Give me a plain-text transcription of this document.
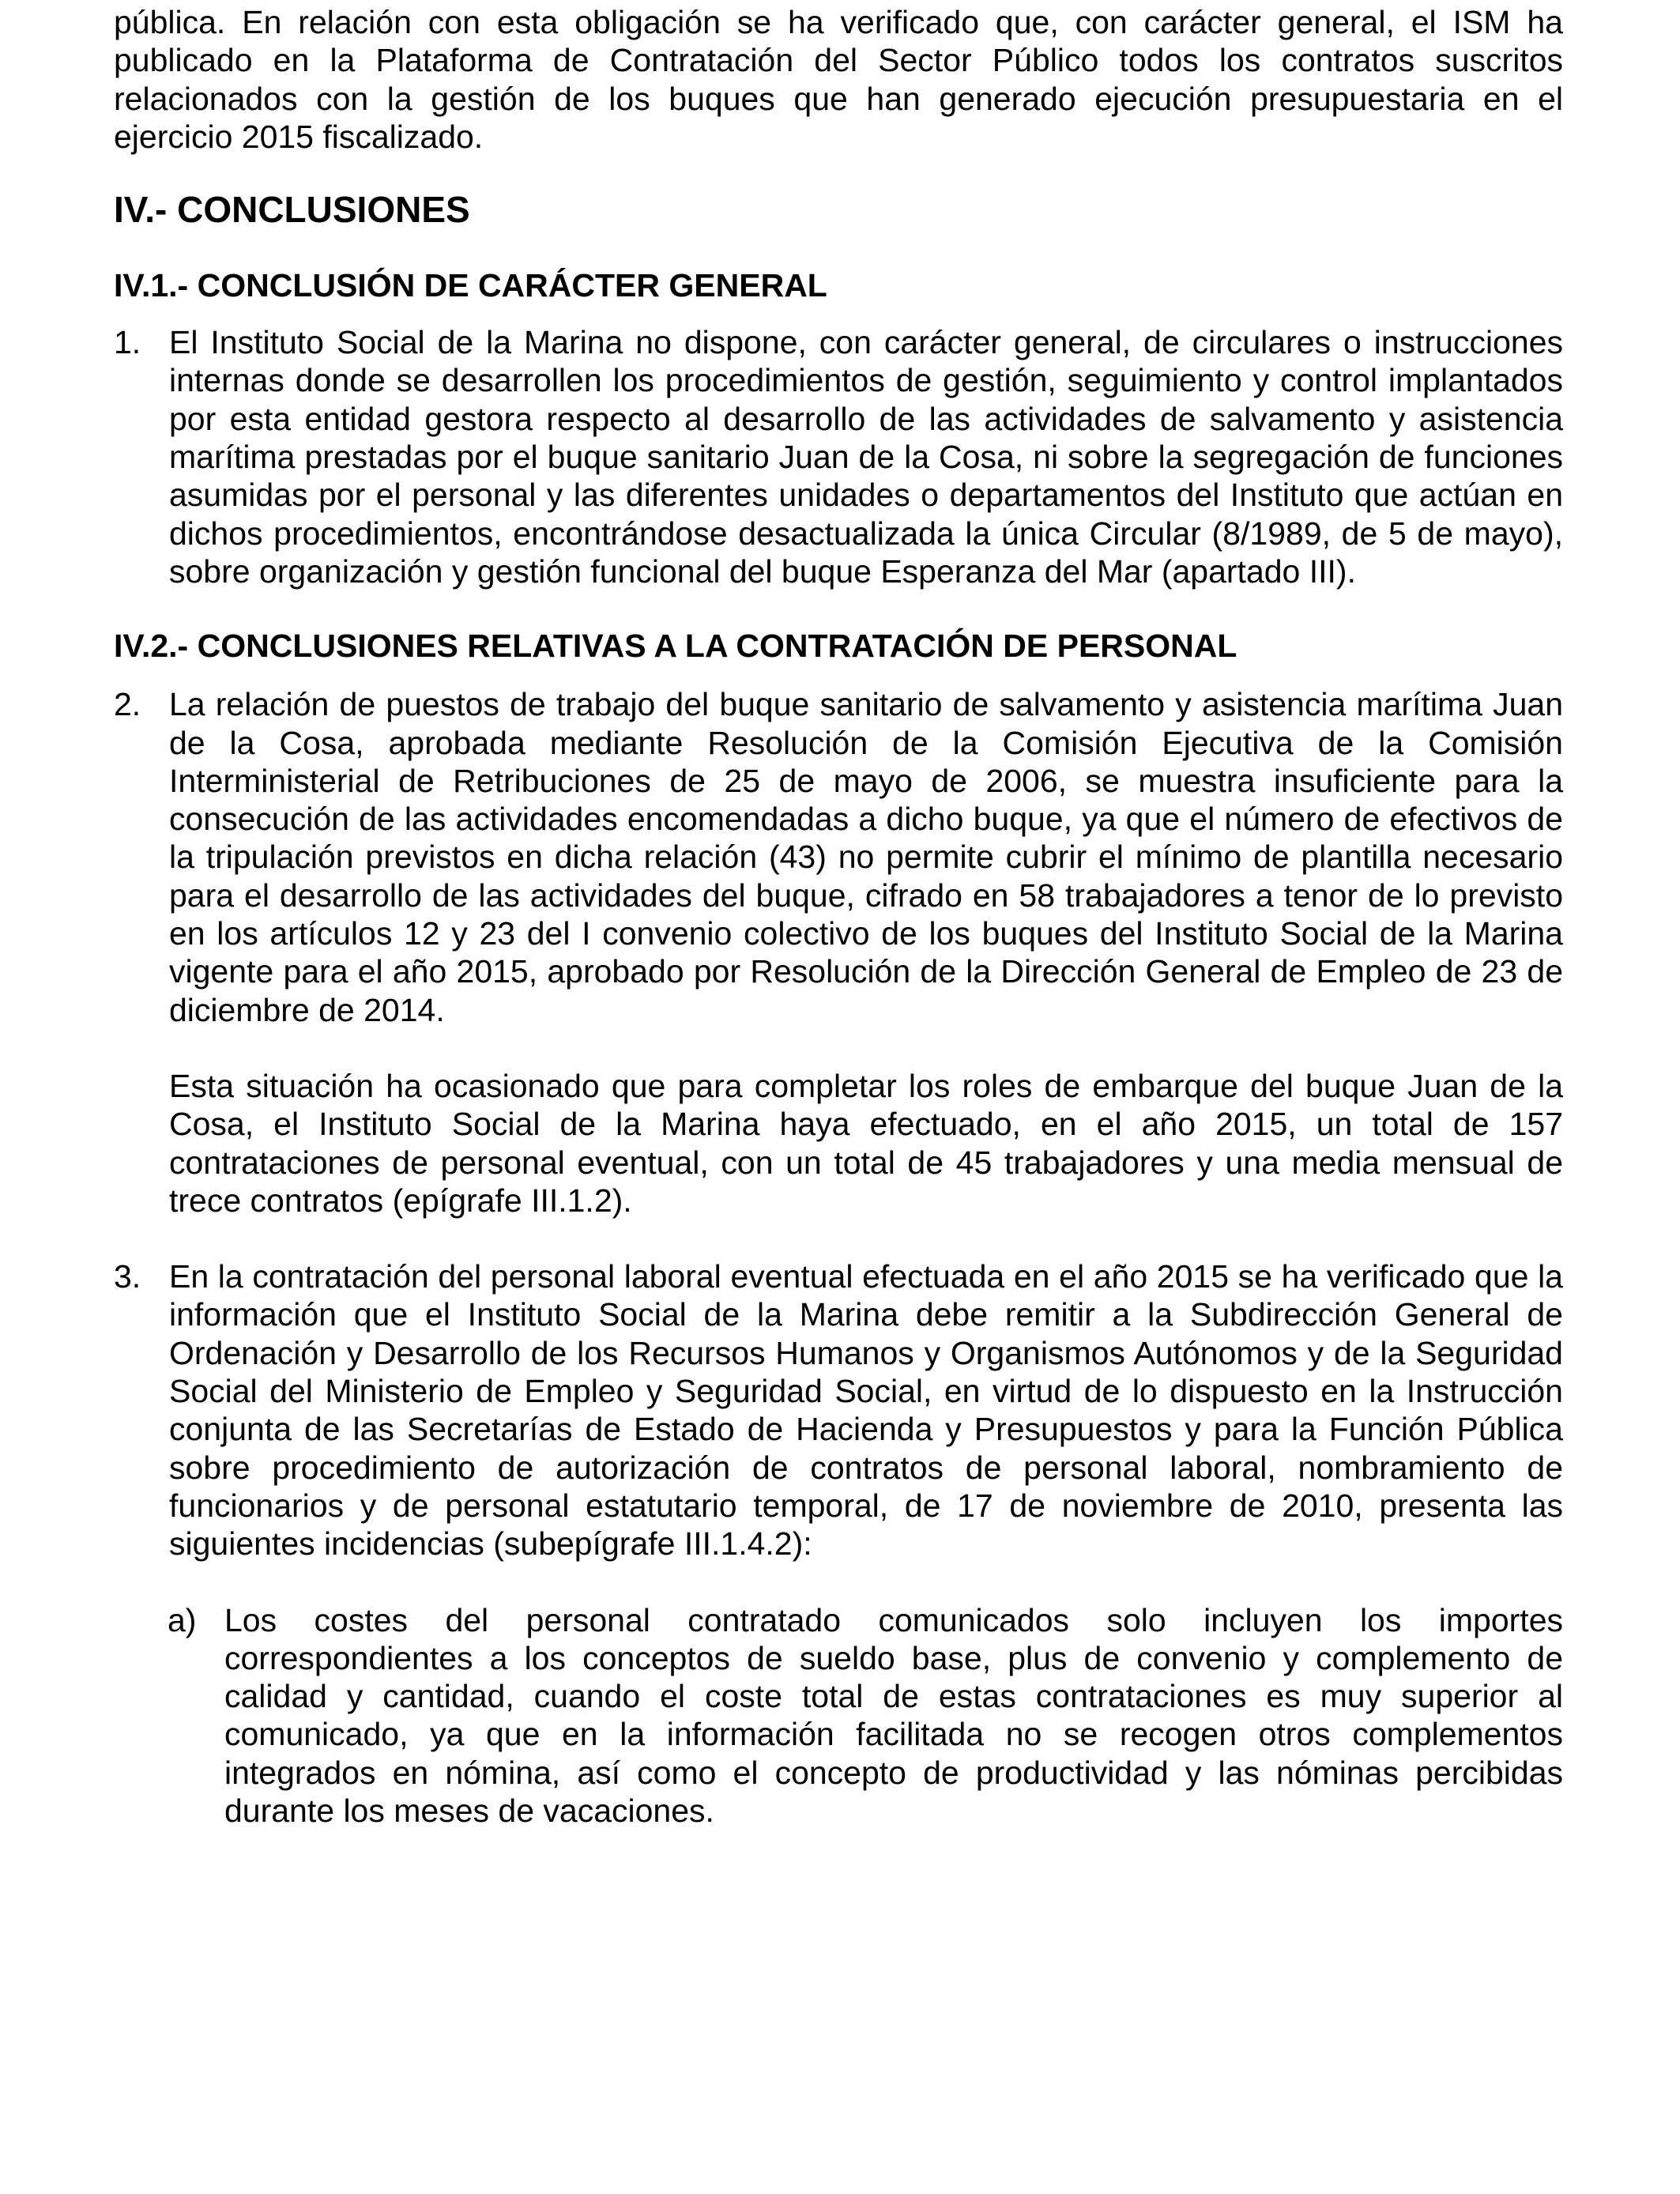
pública. En relación con esta obligación se ha verificado que, con carácter general, el ISM ha publicado en la Plataforma de Contratación del Sector Público todos los contratos suscritos relacionados con la gestión de los buques que han generado ejecución presupuestaria en el ejercicio 2015 fiscalizado.

IV.- CONCLUSIONES
IV.1.- CONCLUSIÓN DE CARÁCTER GENERAL
1. El Instituto Social de la Marina no dispone, con carácter general, de circulares o instrucciones internas donde se desarrollen los procedimientos de gestión, seguimiento y control implantados por esta entidad gestora respecto al desarrollo de las actividades de salvamento y asistencia marítima prestadas por el buque sanitario Juan de la Cosa, ni sobre la segregación de funciones asumidas por el personal y las diferentes unidades o departamentos del Instituto que actúan en dichos procedimientos, encontrándose desactualizada la única Circular (8/1989, de 5 de mayo), sobre organización y gestión funcional del buque Esperanza del Mar (apartado III).
IV.2.- CONCLUSIONES RELATIVAS A LA CONTRATACIÓN DE PERSONAL
2. La relación de puestos de trabajo del buque sanitario de salvamento y asistencia marítima Juan de la Cosa, aprobada mediante Resolución de la Comisión Ejecutiva de la Comisión Interministerial de Retribuciones de 25 de mayo de 2006, se muestra insuficiente para la consecución de las actividades encomendadas a dicho buque, ya que el número de efectivos de la tripulación previstos en dicha relación (43) no permite cubrir el mínimo de plantilla necesario para el desarrollo de las actividades del buque, cifrado en 58 trabajadores a tenor de lo previsto en los artículos 12 y 23 del I convenio colectivo de los buques del Instituto Social de la Marina vigente para el año 2015, aprobado por Resolución de la Dirección General de Empleo de 23 de diciembre de 2014.

Esta situación ha ocasionado que para completar los roles de embarque del buque Juan de la Cosa, el Instituto Social de la Marina haya efectuado, en el año 2015, un total de 157 contrataciones de personal eventual, con un total de 45 trabajadores y una media mensual de trece contratos (epígrafe III.1.2).

3. En la contratación del personal laboral eventual efectuada en el año 2015 se ha verificado que la información que el Instituto Social de la Marina debe remitir a la Subdirección General de Ordenación y Desarrollo de los Recursos Humanos y Organismos Autónomos y de la Seguridad Social del Ministerio de Empleo y Seguridad Social, en virtud de lo dispuesto en la Instrucción conjunta de las Secretarías de Estado de Hacienda y Presupuestos y para la Función Pública sobre procedimiento de autorización de contratos de personal laboral, nombramiento de funcionarios y de personal estatutario temporal, de 17 de noviembre de 2010, presenta las siguientes incidencias (subepígrafe III.1.4.2):
a) Los costes del personal contratado comunicados solo incluyen los importes correspondientes a los conceptos de sueldo base, plus de convenio y complemento de calidad y cantidad, cuando el coste total de estas contrataciones es muy superior al comunicado, ya que en la información facilitada no se recogen otros complementos integrados en nómina, así como el concepto de productividad y las nóminas percibidas durante los meses de vacaciones.
